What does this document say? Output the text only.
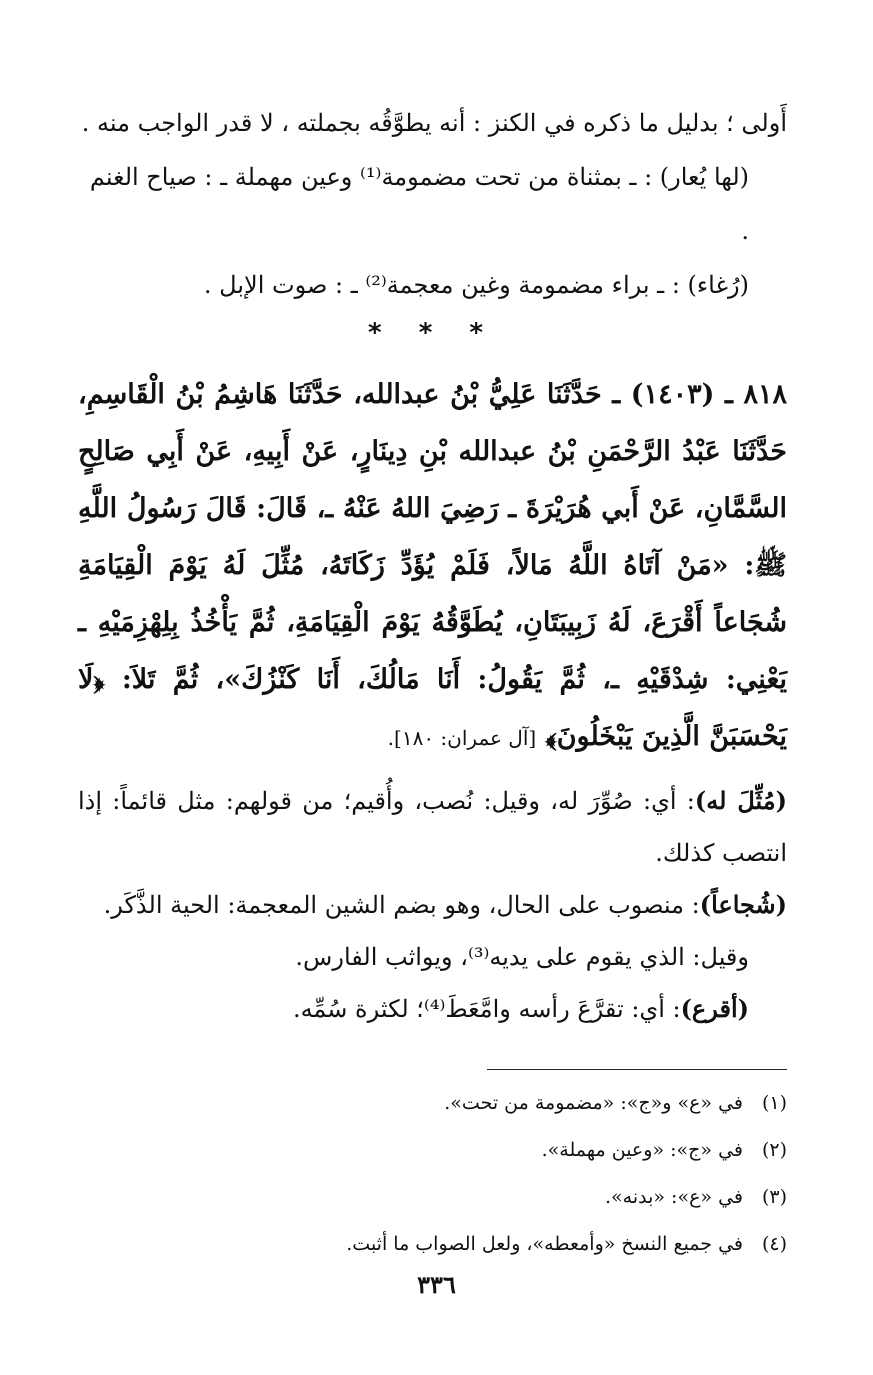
أَولى ؛ بدليل ما ذكره في الكنز : أنه يطوَّقُه بجملته ، لا قدر الواجب منه .

(لها يُعار) : ـ بمثناة من تحت مضمومة⁽¹⁾ وعين مهملة ـ : صياح الغنم .

(رُغاء) : ـ براء مضمومة وغين معجمة⁽²⁾ ـ : صوت الإبل .

* * *

٨١٨ ـ (١٤٠٣) ـ حَدَّثَنَا عَلِيُّ بْنُ عبدالله، حَدَّثَنَا هَاشِمُ بْنُ الْقَاسِمِ، حَدَّثَنَا عَبْدُ الرَّحْمَنِ بْنُ عبدالله بْنِ دِينَارٍ، عَنْ أَبِيهِ، عَنْ أَبِي صَالِحٍ السَّمَّانِ، عَنْ أَبي هُرَيْرَةَ ـ رَضِيَ اللهُ عَنْهُ ـ، قَالَ: قَالَ رَسُولُ اللَّهِ ﷺ: «مَنْ آتَاهُ اللَّهُ مَالاً، فَلَمْ يُؤَدِّ زَكَاتَهُ، مُثِّلَ لَهُ يَوْمَ الْقِيَامَةِ شُجَاعاً أَقْرَعَ، لَهُ زَبِيبَتَانِ، يُطَوَّقُهُ يَوْمَ الْقِيَامَةِ، ثُمَّ يَأْخُذُ بِلِهْزِمَيْهِ ـ يَعْنِي: شِدْقَيْهِ ـ، ثُمَّ يَقُولُ: أَنَا مَالُكَ، أَنَا كَنْزُكَ»، ثُمَّ تَلاَ: ﴿لَا يَحْسَبَنَّ الَّذِينَ يَبْخَلُونَ﴾ [آل عمران: ١٨٠].

(مُثِّلَ له): أي: صُوِّرَ له، وقيل: نُصب، وأُقيم؛ من قولهم: مثل قائماً: إذا انتصب كذلك.

(شُجاعاً): منصوب على الحال، وهو بضم الشين المعجمة: الحية الذَّكَر.

وقيل: الذي يقوم على يديه⁽³⁾، ويواثب الفارس.

(أقرع): أي: تقرَّعَ رأسه وامَّعَطَ⁽⁴⁾؛ لكثرة سُمِّه.

(١)في «ع» و«ج»: «مضمومة من تحت».

(٢)في «ج»: «وعين مهملة».

(٣)في «ع»: «بدنه».

(٤)في جميع النسخ «وأمعطه»، ولعل الصواب ما أثبت.

٣٣٦
